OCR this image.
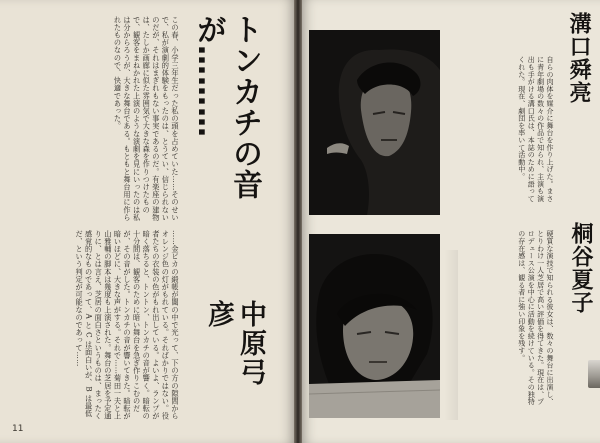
この春、小学三年生だった私の頭を占めていた……そのせいで、私が演劇的体験をもったのは、とうてい、信じられないのだが、それはまぎれもない事実であるのだ。有楽座の建物は、たしか画廊に似た雰囲気で大きな森を作りつけたもので、観客をまねかれた上演のような演劇を見にいったのは私は分からろうが、大きな舞台である。もともと舞台用に作られたものなので、快適であった。
……金ピカの緞帳が闇の中で光って、下の方の隙間からオレンジ色の灯がもれている。そればかりではない。役者たちの衣装の色がもれ出している。よいよ、ランプが暗く落ちると、トントン、トンカチの音が響く。暗転の十分間は、観客のために暗い舞台を急ぎ作りこむのだが、その音がした。トンカチの音が響いてきた。暗転が暗いほどに、大きな声がする。それで……菊田一夫と上山雅輔の脚本は幾度も上演された。舞台の芝居を予定通りに、とは言え、芝居の面白さというものは、まったく感覚的なものであって、A と C は面白いが、B は最低だ、という判定が可能なのであって……
トンカチの音が………
中原弓彦
11
溝口舜亮
自らの肉体を媒介に舞台を作り上げた。まさに青年劇場の数々の作品で知られ、主演も演出も手がける溝口氏は、本誌のために語ってくれた。現在、劇団を率いて活動中。
桐谷夏子
硬質な演技で知られる彼女は、数々の舞台に出演し、とりわけ一人芝居で高い評価を得てきた。現在は、プロデュース公演を中心に活動を続けている。その独特の存在感は、観る者に強い印象を残す。
